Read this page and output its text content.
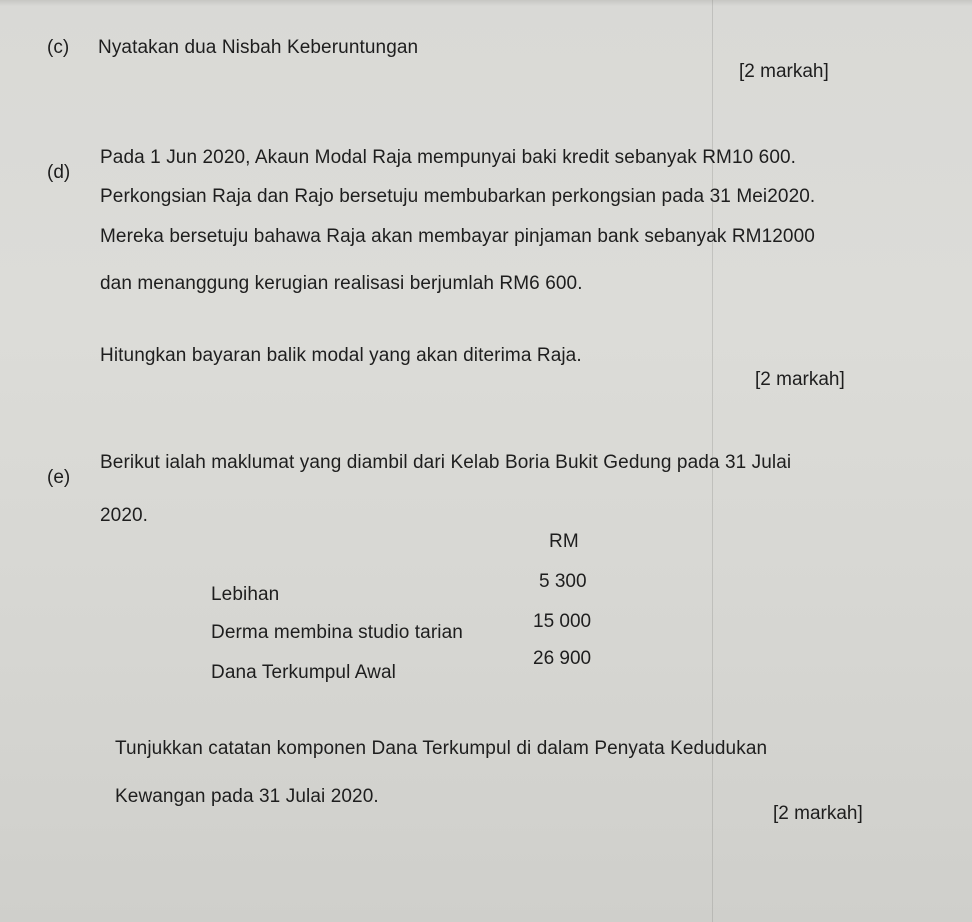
(c) Nyatakan dua Nisbah Keberuntungan
[2 markah]
(d)
Pada 1 Jun 2020, Akaun Modal Raja mempunyai baki kredit sebanyak RM10 600.
Perkongsian Raja dan Rajo bersetuju membubarkan perkongsian pada 31 Mei2020.
Mereka bersetuju bahawa Raja akan membayar pinjaman bank sebanyak RM12000
dan menanggung kerugian realisasi berjumlah RM6 600.
Hitungkan bayaran balik modal yang akan diterima Raja.
[2 markah]
(e)
Berikut ialah maklumat yang diambil dari Kelab Boria Bukit Gedung pada 31 Julai
2020.
RM
Lebihan
5 300
Derma membina studio tarian
15 000
Dana Terkumpul Awal
26 900
Tunjukkan catatan komponen Dana Terkumpul di dalam Penyata Kedudukan
Kewangan pada 31 Julai 2020.
[2 markah]
